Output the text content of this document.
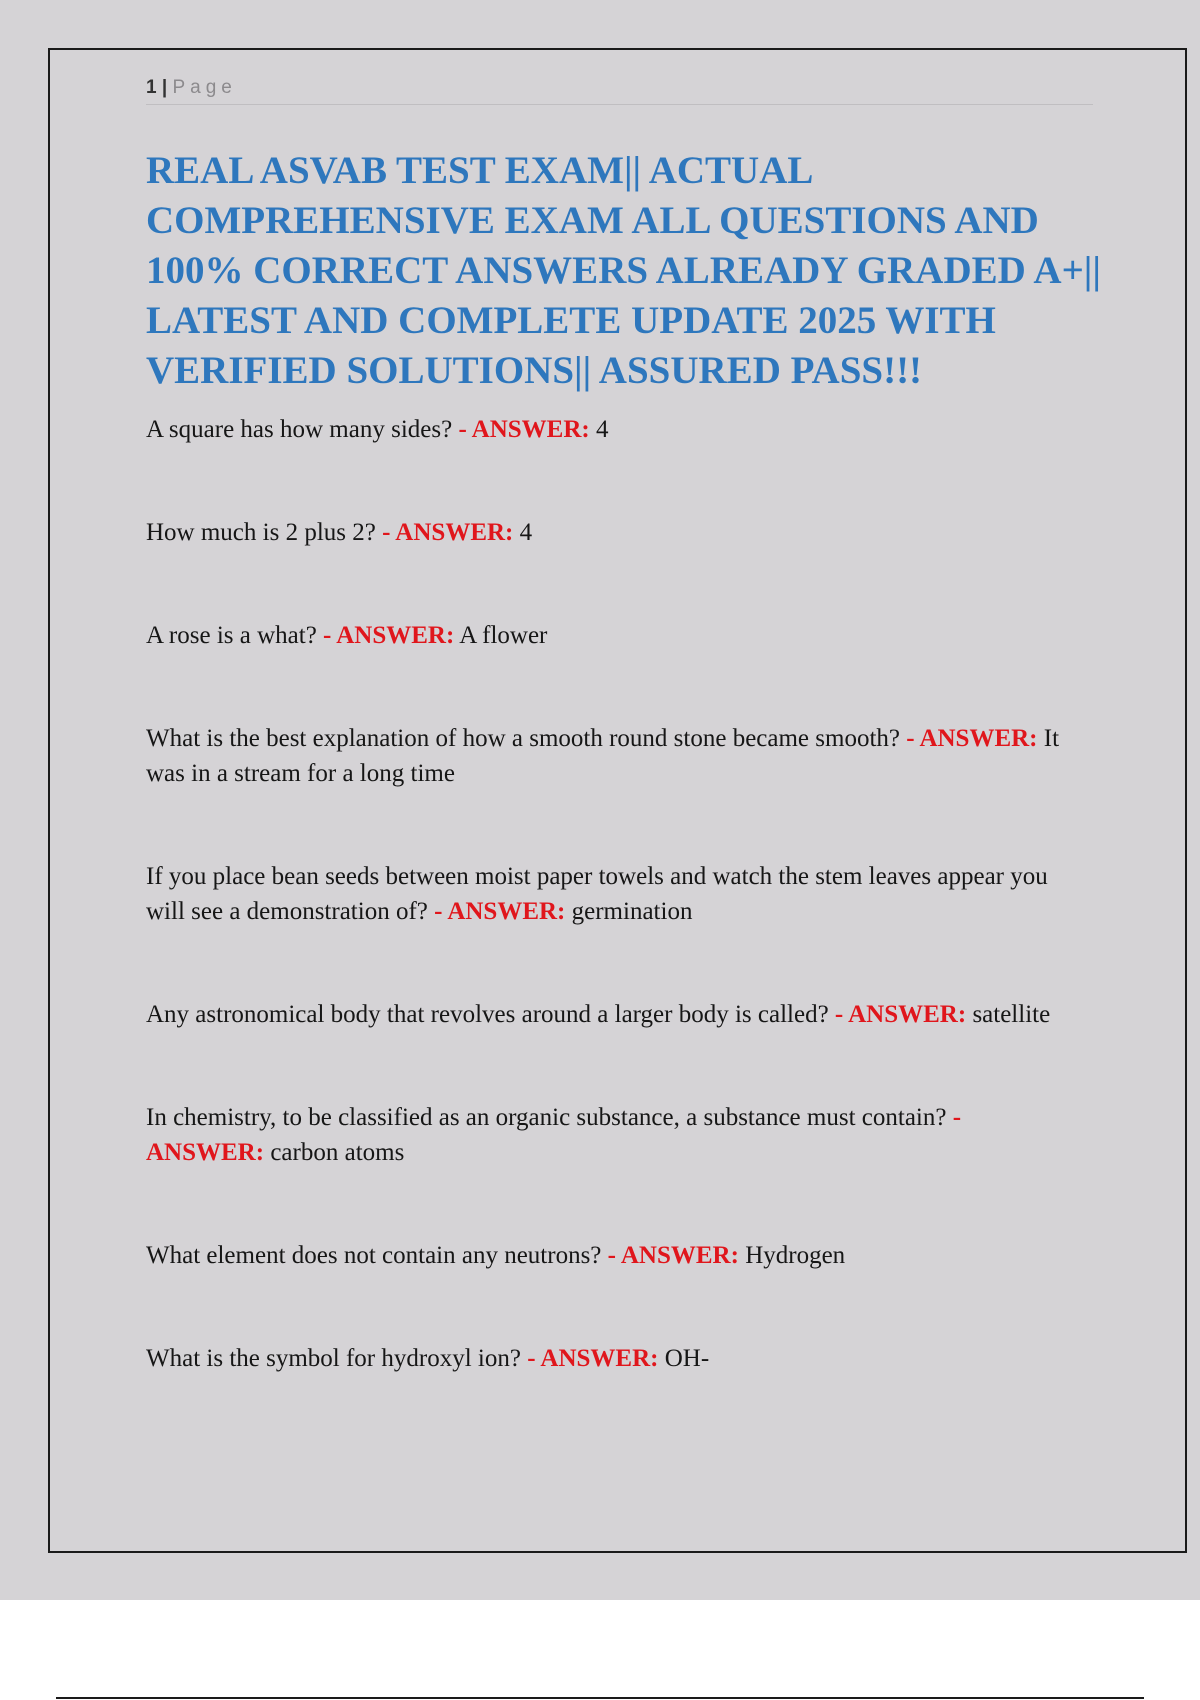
1 | Page
REAL ASVAB TEST EXAM|| ACTUAL COMPREHENSIVE EXAM ALL QUESTIONS AND 100% CORRECT ANSWERS ALREADY GRADED A+|| LATEST AND COMPLETE UPDATE 2025 WITH VERIFIED SOLUTIONS|| ASSURED PASS!!!

A square has how many sides? - ANSWER: 4

How much is 2 plus 2? - ANSWER: 4

A rose is a what? - ANSWER: A flower

What is the best explanation of how a smooth round stone became smooth? - ANSWER: It was in a stream for a long time

If you place bean seeds between moist paper towels and watch the stem leaves appear you will see a demonstration of? - ANSWER: germination

Any astronomical body that revolves around a larger body is called? - ANSWER: satellite

In chemistry, to be classified as an organic substance, a substance must contain? - ANSWER: carbon atoms

What element does not contain any neutrons? - ANSWER: Hydrogen

What is the symbol for hydroxyl ion? - ANSWER: OH-
